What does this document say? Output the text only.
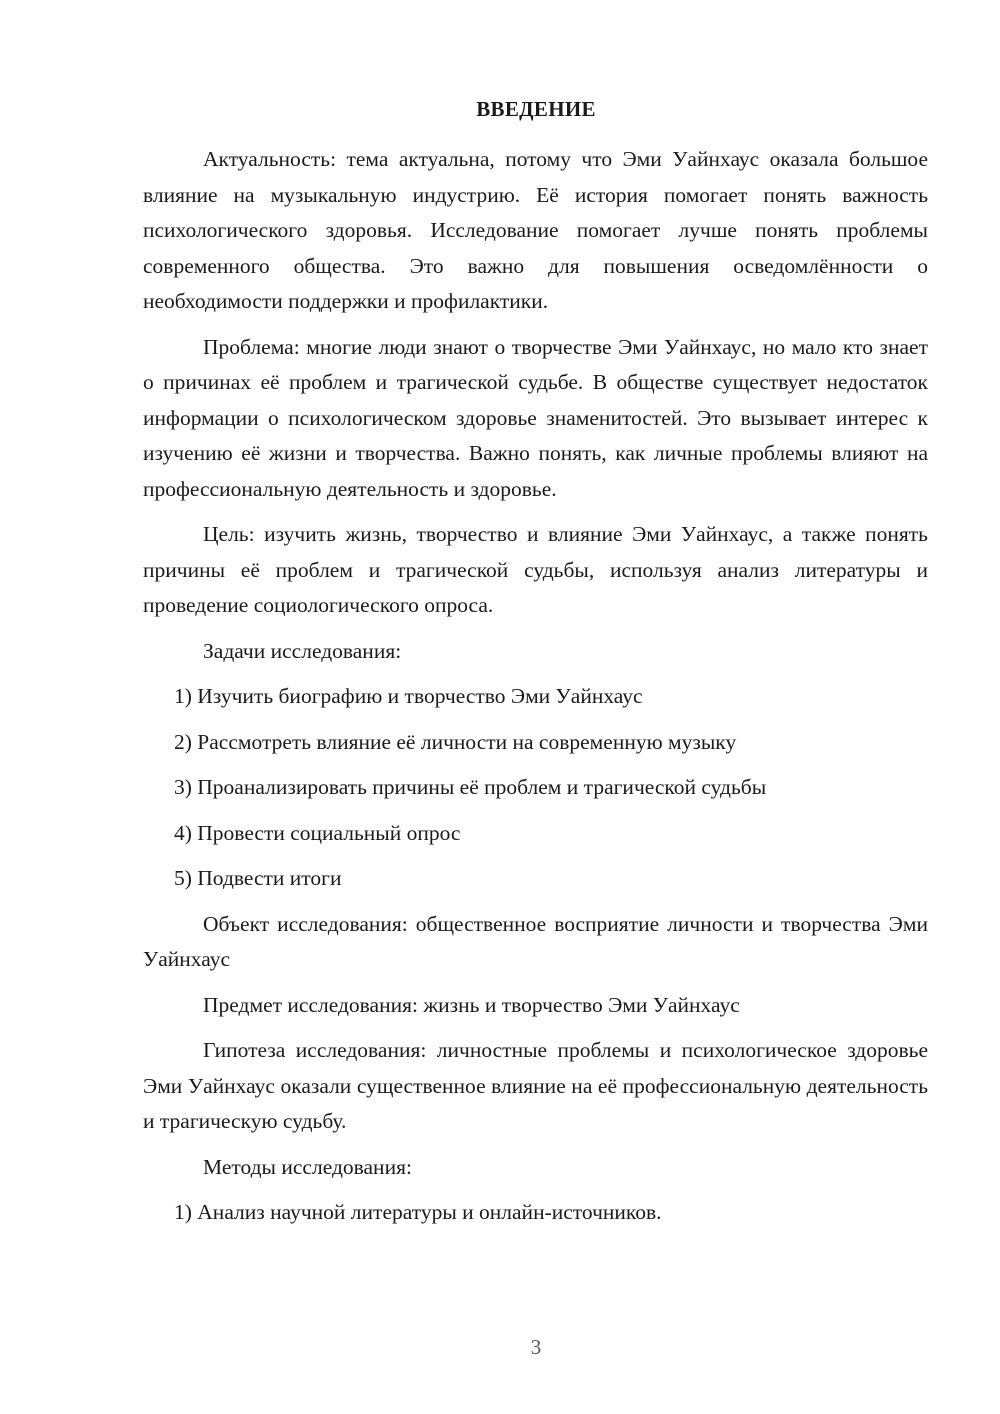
ВВЕДЕНИЕ

Актуальность: тема актуальна, потому что Эми Уайнхаус оказала большое влияние на музыкальную индустрию. Её история помогает понять важность психологического здоровья. Исследование помогает лучше понять проблемы современного общества. Это важно для повышения осведомлённости о необходимости поддержки и профилактики.

Проблема: многие люди знают о творчестве Эми Уайнхаус, но мало кто знает о причинах её проблем и трагической судьбе. В обществе существует недостаток информации о психологическом здоровье знаменитостей. Это вызывает интерес к изучению её жизни и творчества. Важно понять, как личные проблемы влияют на профессиональную деятельность и здоровье.

Цель: изучить жизнь, творчество и влияние Эми Уайнхаус, а также понять причины её проблем и трагической судьбы, используя анализ литературы и проведение социологического опроса.

Задачи исследования:

1) Изучить биографию и творчество Эми Уайнхаус

2) Рассмотреть влияние её личности на современную музыку

3) Проанализировать причины её проблем и трагической судьбы

4) Провести социальный опрос

5) Подвести итоги

Объект исследования: общественное восприятие личности и творчества Эми Уайнхаус

Предмет исследования: жизнь и творчество Эми Уайнхаус

Гипотеза исследования: личностные проблемы и психологическое здоровье Эми Уайнхаус оказали существенное влияние на её профессиональную деятельность и трагическую судьбу.

Методы исследования:

1) Анализ научной литературы и онлайн-источников.

3
